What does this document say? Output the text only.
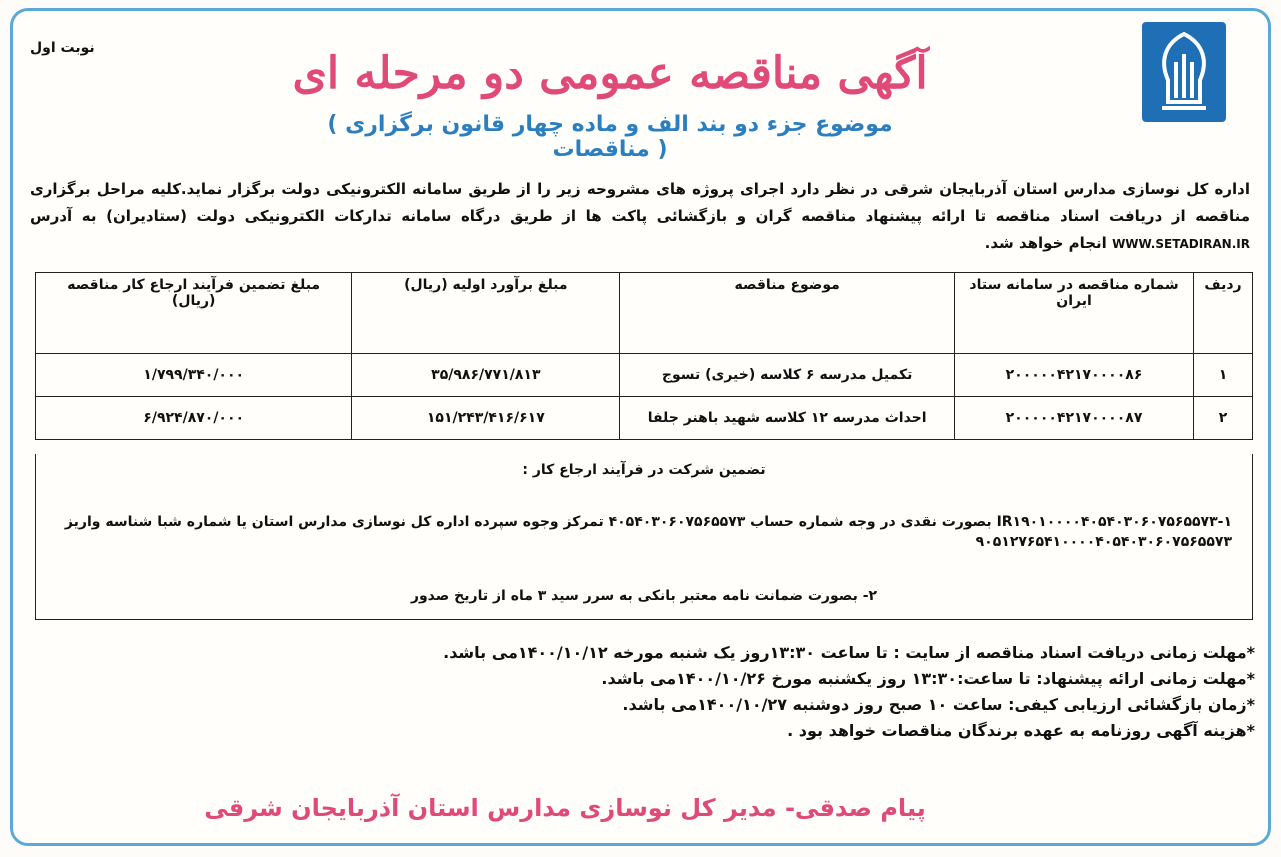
نوبت اول	آگهی مناقصه عمومی دو مرحله ای
( موضوع جزء دو بند الف و ماده چهار قانون برگزاری مناقصات )
اداره کل نوسازی مدارس استان آذربایجان شرقی در نظر دارد اجرای پروژه های مشروحه زیر را از طریق سامانه الکترونیکی دولت برگزار نماید.کلیه مراحل برگزاری مناقصه از دریافت اسناد مناقصه تا ارائه پیشنهاد مناقصه گران و بازگشائی پاکت ها از طریق درگاه سامانه تدارکات الکترونیکی دولت (ستادیران) به آدرس WWW.SETADIRAN.IR انجام خواهد شد.
ردیف	شماره مناقصه در سامانه ستاد ایران	موضوع مناقصه	مبلغ برآورد اولیه (ریال)	مبلغ تضمین فرآیند ارجاع کار مناقصه (ریال)
۱	۲۰۰۰۰۰۴۲۱۷۰۰۰۰۸۶	تکمیل مدرسه ۶ کلاسه (خیری) تسوج	۳۵/۹۸۶/۷۷۱/۸۱۳	۱/۷۹۹/۳۴۰/۰۰۰
۲	۲۰۰۰۰۰۴۲۱۷۰۰۰۰۸۷	احداث مدرسه ۱۲ کلاسه شهید باهنر جلفا	۱۵۱/۲۴۳/۴۱۶/۶۱۷	۶/۹۲۴/۸۷۰/۰۰۰
تضمین شرکت در فرآیند ارجاع کار :
IR۱۹۰۱۰۰۰۰۴۰۵۴۰۳۰۶۰۷۵۶۵۵۷۳-۱ بصورت نقدی در وجه شماره حساب ۴۰۵۴۰۳۰۶۰۷۵۶۵۵۷۳ تمرکز وجوه سپرده اداره کل نوسازی مدارس استان یا شماره شبا شناسه واریز ۹۰۵۱۲۷۶۵۴۱۰۰۰۰۴۰۵۴۰۳۰۶۰۷۵۶۵۵۷۳
۲- بصورت ضمانت نامه معتبر بانکی به سرر سید ۳ ماه از تاریخ صدور
*مهلت زمانی دریافت اسناد مناقصه از سایت : تا ساعت ۱۳:۳۰روز یک شنبه مورخه ۱۴۰۰/۱۰/۱۲می باشد.
*مهلت زمانی ارائه پیشنهاد: تا ساعت:۱۳:۳۰ روز یکشنبه مورخ ۱۴۰۰/۱۰/۲۶می باشد.
*زمان بازگشائی ارزیابی کیفی: ساعت ۱۰ صبح روز دوشنبه ۱۴۰۰/۱۰/۲۷می باشد.
*هزینه آگهی روزنامه به عهده برندگان مناقصات خواهد بود .
پیام صدقی- مدیر کل نوسازی مدارس استان آذربایجان شرقی
